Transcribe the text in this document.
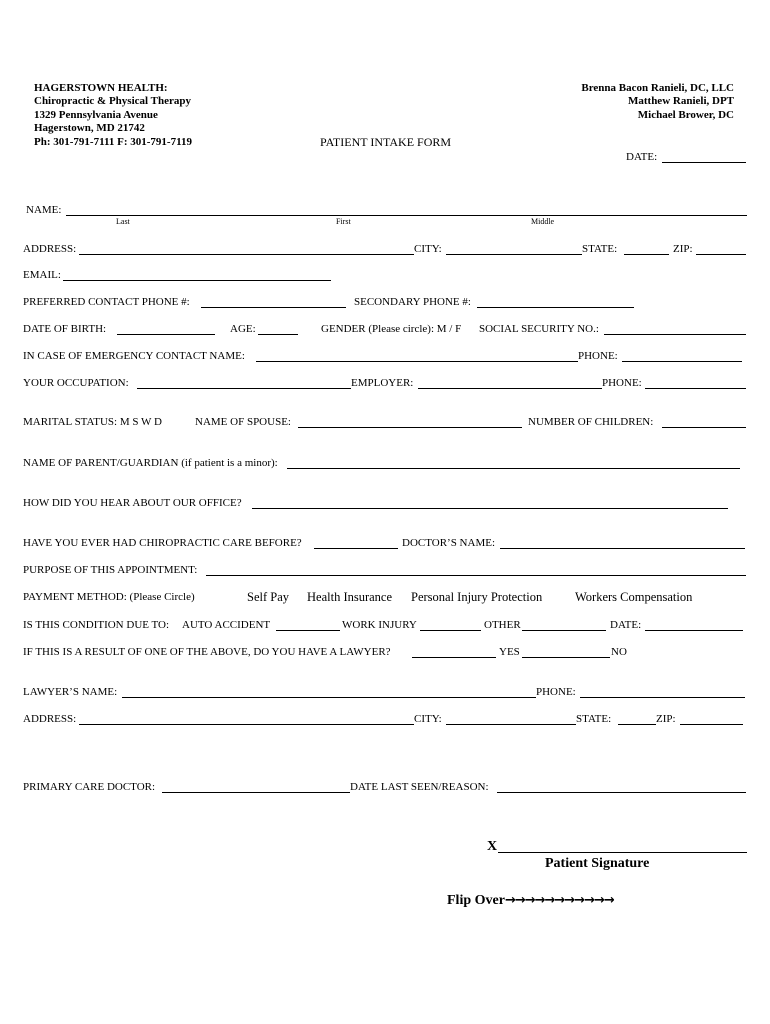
HAGERSTOWN HEALTH:
Chiropractic & Physical Therapy
1329 Pennsylvania Avenue
Hagerstown, MD 21742
Ph: 301-791-7111 F: 301-791-7119
Brenna Bacon Ranieli, DC, LLC
Matthew Ranieli, DPT
Michael Brower, DC
PATIENT INTAKE FORM
DATE:
NAME:
Last	First	Middle
ADDRESS:	CITY:	STATE:	ZIP:
EMAIL:
PREFERRED CONTACT PHONE #:	SECONDARY PHONE #:
DATE OF BIRTH:	AGE:	GENDER (Please circle): M / F SOCIAL SECURITY NO.:
IN CASE OF EMERGENCY CONTACT NAME:	PHONE:
YOUR OCCUPATION:	EMPLOYER:	PHONE:
MARITAL STATUS: M S W D	NAME OF SPOUSE:	NUMBER OF CHILDREN:
NAME OF PARENT/GUARDIAN (if patient is a minor):
HOW DID YOU HEAR ABOUT OUR OFFICE?
HAVE YOU EVER HAD CHIROPRACTIC CARE BEFORE?	DOCTOR’S NAME:
PURPOSE OF THIS APPOINTMENT:
PAYMENT METHOD: (Please Circle)	Self Pay Health Insurance Personal Injury Protection	Workers Compensation
IS THIS CONDITION DUE TO: AUTO ACCIDENT	WORK INJURY	OTHER	DATE:
IF THIS IS A RESULT OF ONE OF THE ABOVE, DO YOU HAVE A LAWYER?	YES	NO
LAWYER’S NAME:	PHONE:
ADDRESS:	CITY:	STATE:	ZIP:
PRIMARY CARE DOCTOR:	DATE LAST SEEN/REASON:
X
Patient Signature
Flip Over→→→→→→→→→→→
